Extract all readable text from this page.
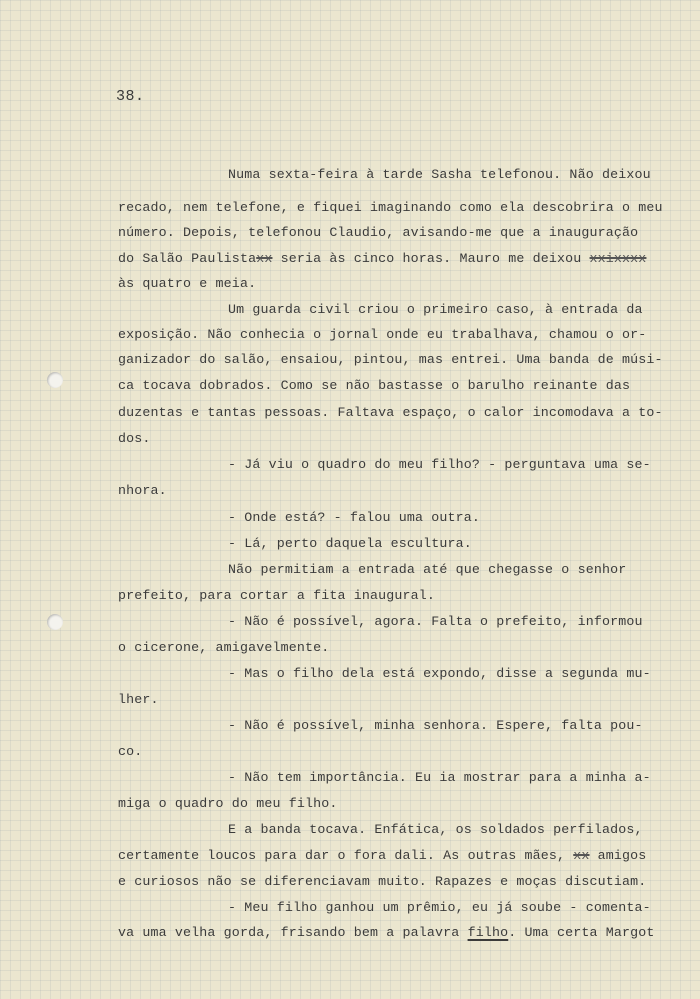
38.
Numa sexta-feira à tarde Sasha telefonou. Não deixou
recado, nem telefone, e fiquei imaginando como ela descobrira o meu
número. Depois, telefonou Claudio, avisando-me que a inauguração
do Salão Paulistaxx seria às cinco horas. Mauro me deixou xxixxxx
às quatro e meia.
Um guarda civil criou o primeiro caso, à entrada da
exposição. Não conhecia o jornal onde eu trabalhava, chamou o or-
ganizador do salão, ensaiou, pintou, mas entrei. Uma banda de músi-
ca tocava dobrados. Como se não bastasse o barulho reinante das
duzentas e tantas pessoas. Faltava espaço, o calor incomodava a to-
dos.
- Já viu o quadro do meu filho? - perguntava uma se-
nhora.
- Onde está? - falou uma outra.
- Lá, perto daquela escultura.
Não permitiam a entrada até que chegasse o senhor
prefeito, para cortar a fita inaugural.
- Não é possível, agora. Falta o prefeito, informou
o cicerone, amigavelmente.
- Mas o filho dela está expondo, disse a segunda mu-
lher.
- Não é possível, minha senhora. Espere, falta pou-
co.
- Não tem importância. Eu ia mostrar para a minha a-
miga o quadro do meu filho.
E a banda tocava. Enfática, os soldados perfilados,
certamente loucos para dar o fora dali. As outras mães, xx amigos
e curiosos não se diferenciavam muito. Rapazes e moças discutiam.
- Meu filho ganhou um prêmio, eu já soube - comenta-
va uma velha gorda, frisando bem a palavra filho. Uma certa Margot
